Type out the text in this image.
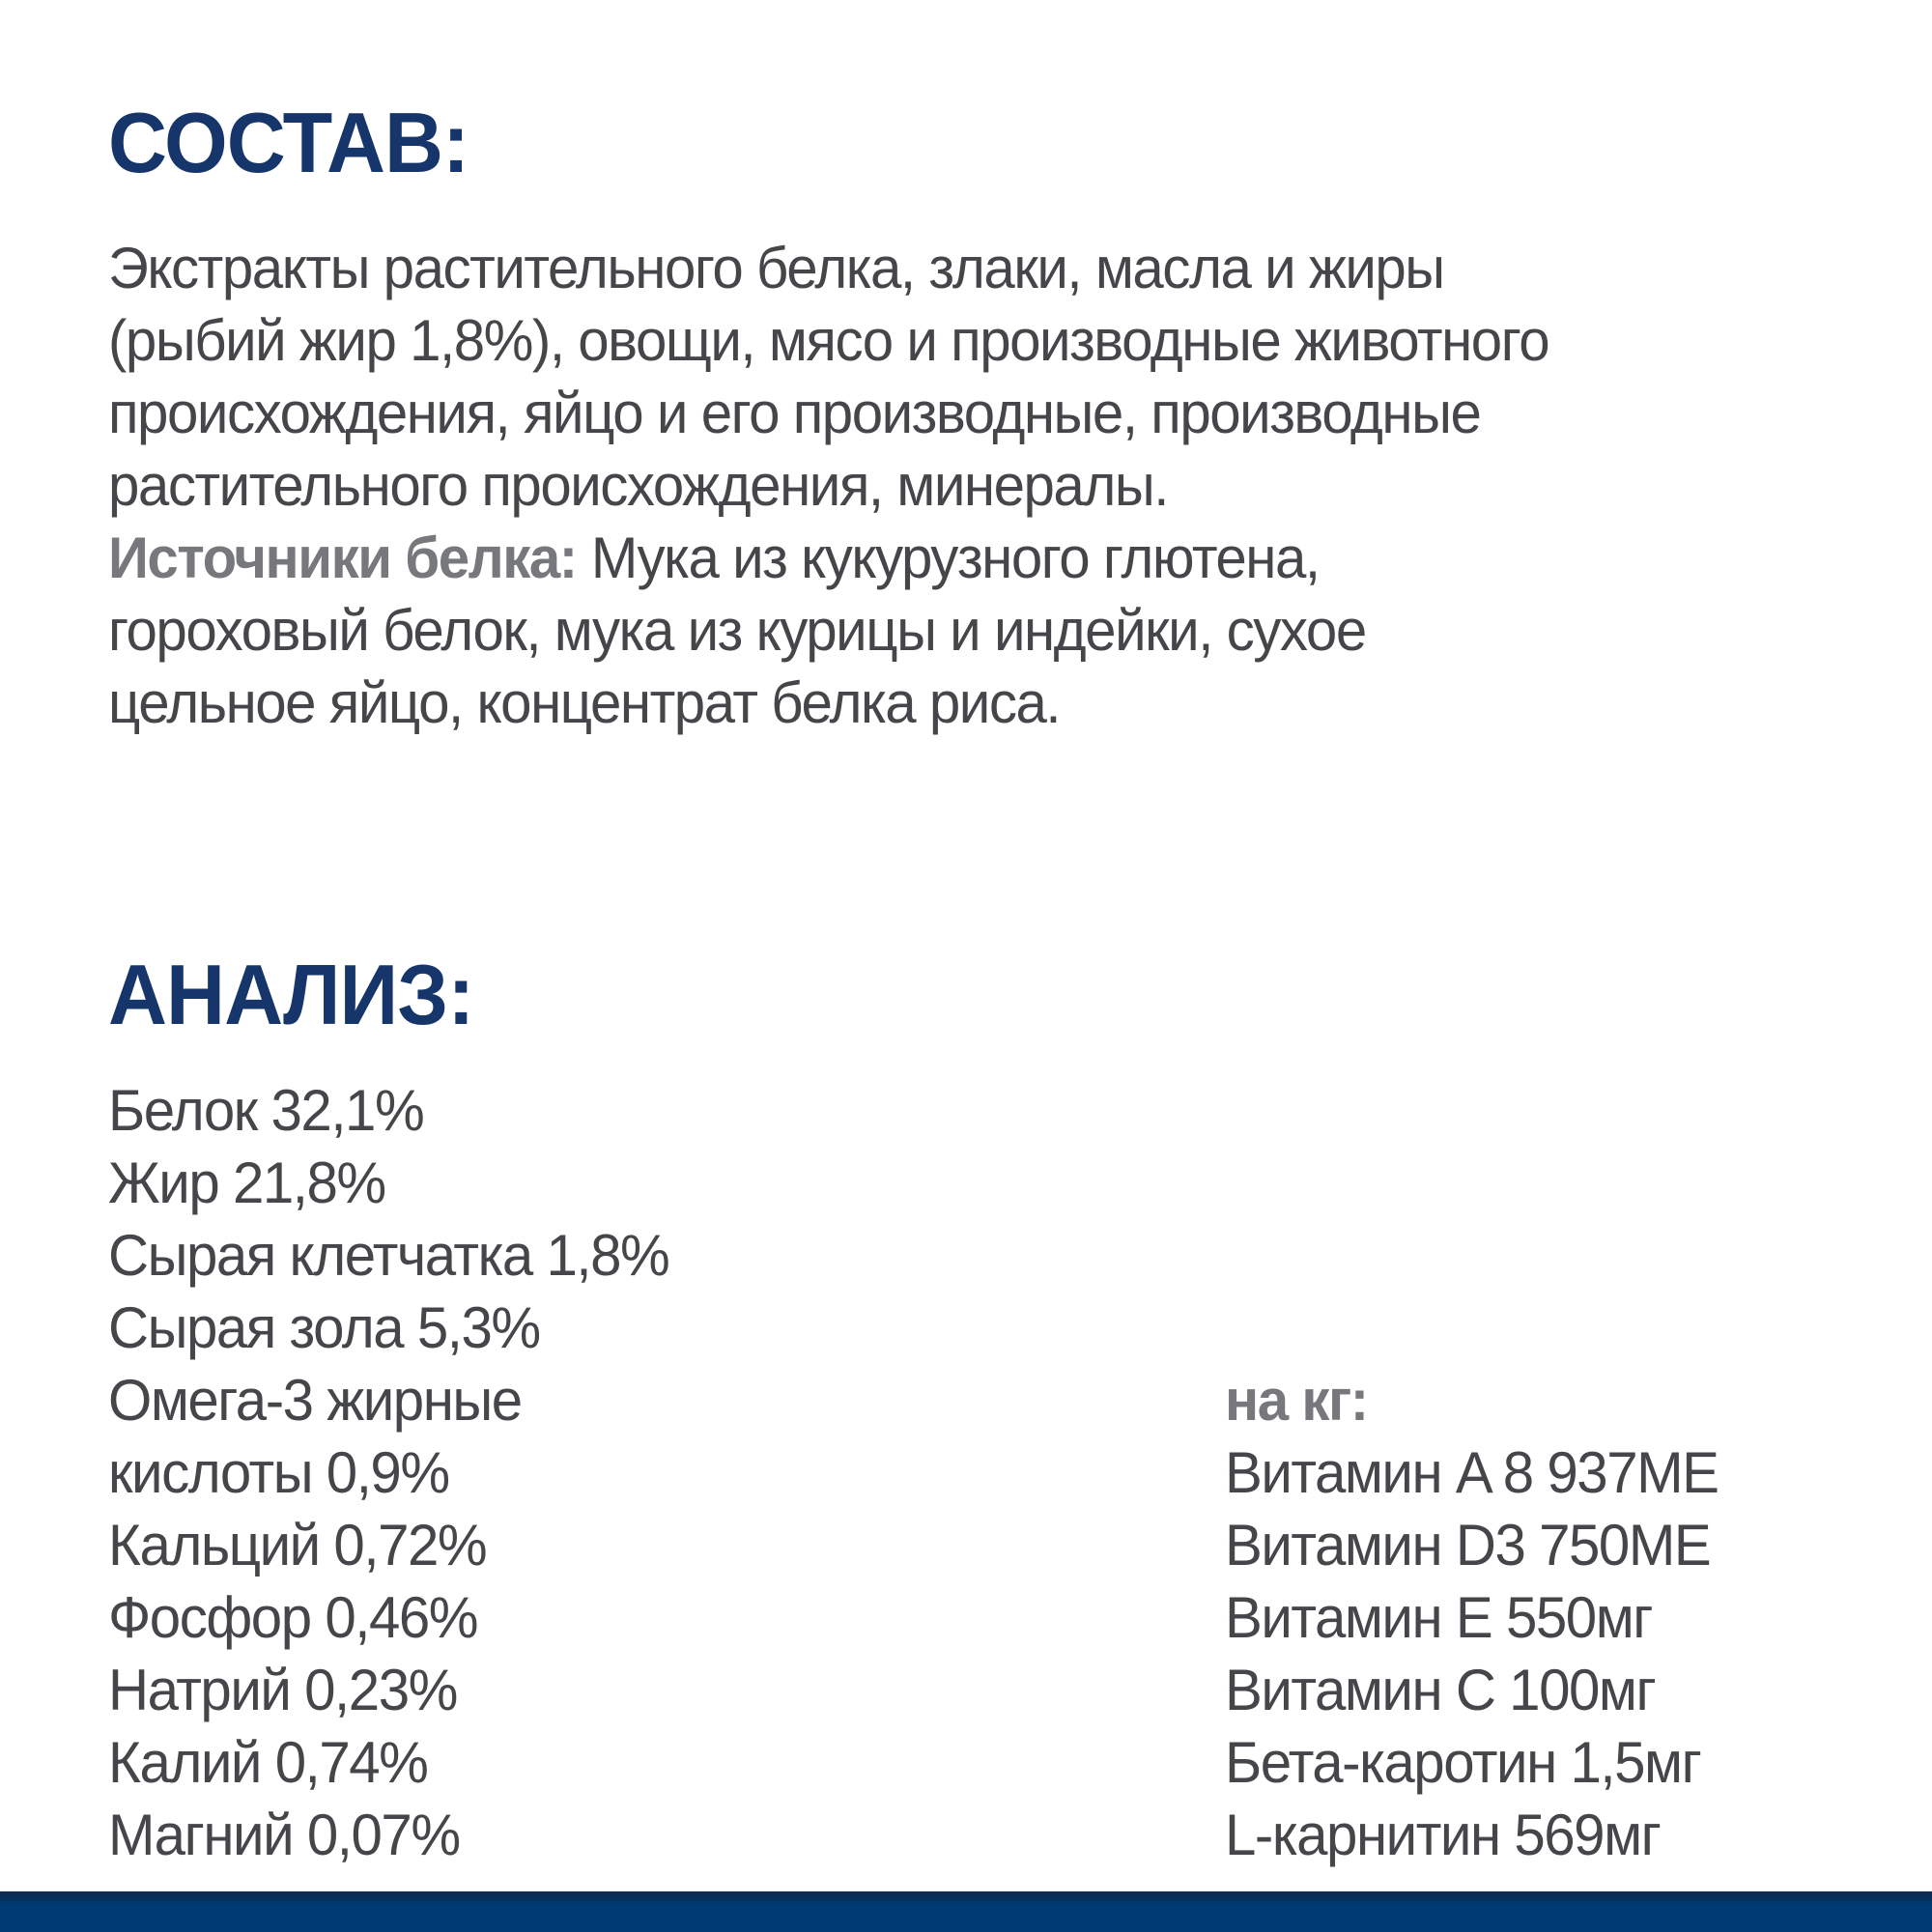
СОСТАВ:
Экстракты растительного белка, злаки, масла и жиры
(рыбий жир 1,8%), овощи, мясо и производные животного
происхождения, яйцо и его производные, производные
растительного происхождения, минералы.
Источники белка: Мука из кукурузного глютена,
гороховый белок, мука из курицы и индейки, сухое
цельное яйцо, концентрат белка риса.
АНАЛИЗ:
Белок 32,1%
Жир 21,8%
Сырая клетчатка 1,8%
Сырая зола 5,3%
Омега-3 жирные
кислоты 0,9%
Кальций 0,72%
Фосфор 0,46%
Натрий 0,23%
Калий 0,74%
Магний 0,07%
на кг:
Витамин A 8 937МЕ
Витамин D3 750МЕ
Витамин E 550мг
Витамин C 100мг
Бета-каротин 1,5мг
L-карнитин 569мг
